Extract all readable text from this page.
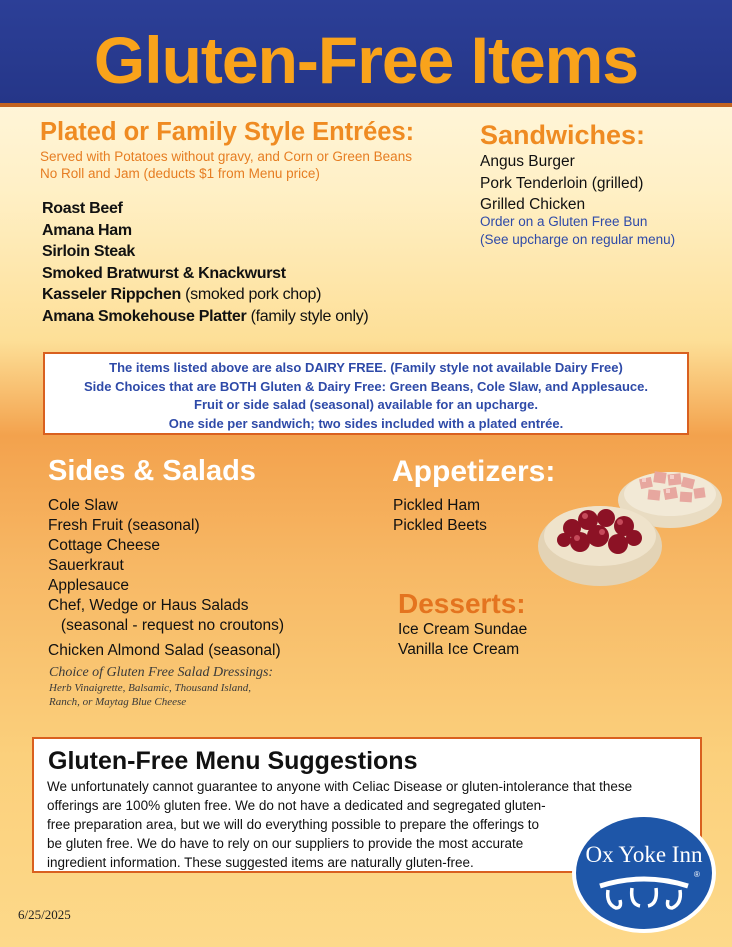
Gluten-Free Items
Plated or Family Style Entrées:
Served with Potatoes without gravy, and Corn or Green Beans
No Roll and Jam (deducts $1 from Menu price)
Roast Beef
Amana Ham
Sirloin Steak
Smoked Bratwurst & Knackwurst
Kasseler Rippchen (smoked pork chop)
Amana Smokehouse Platter (family style only)
Sandwiches:
Angus Burger
Pork Tenderloin (grilled)
Grilled Chicken
Order on a Gluten Free Bun
(See upcharge on regular menu)
The items listed above are also DAIRY FREE. (Family style not available Dairy Free)
Side Choices that are BOTH Gluten & Dairy Free: Green Beans, Cole Slaw, and Applesauce.
Fruit or side salad (seasonal) available for an upcharge.
One side per sandwich; two sides included with a plated entrée.
Sides & Salads
Cole Slaw
Fresh Fruit (seasonal)
Cottage Cheese
Sauerkraut
Applesauce
Chef, Wedge or Haus Salads
(seasonal - request no croutons)
Chicken Almond Salad (seasonal)
Choice of Gluten Free Salad Dressings:
Herb Vinaigrette, Balsamic, Thousand Island,
Ranch, or Maytag Blue Cheese
Appetizers:
Pickled Ham
Pickled Beets
Desserts:
Ice Cream Sundae
Vanilla Ice Cream
Gluten-Free Menu Suggestions
We unfortunately cannot guarantee to anyone with Celiac Disease or gluten-intolerance that these
offerings are 100% gluten free. We do not have a dedicated and segregated gluten-
free preparation area, but we will do everything possible to prepare the offerings to
be gluten free. We do have to rely on our suppliers to provide the most accurate
ingredient information. These suggested items are naturally gluten-free.	Ox Yoke Inn
®
6/25/2025
